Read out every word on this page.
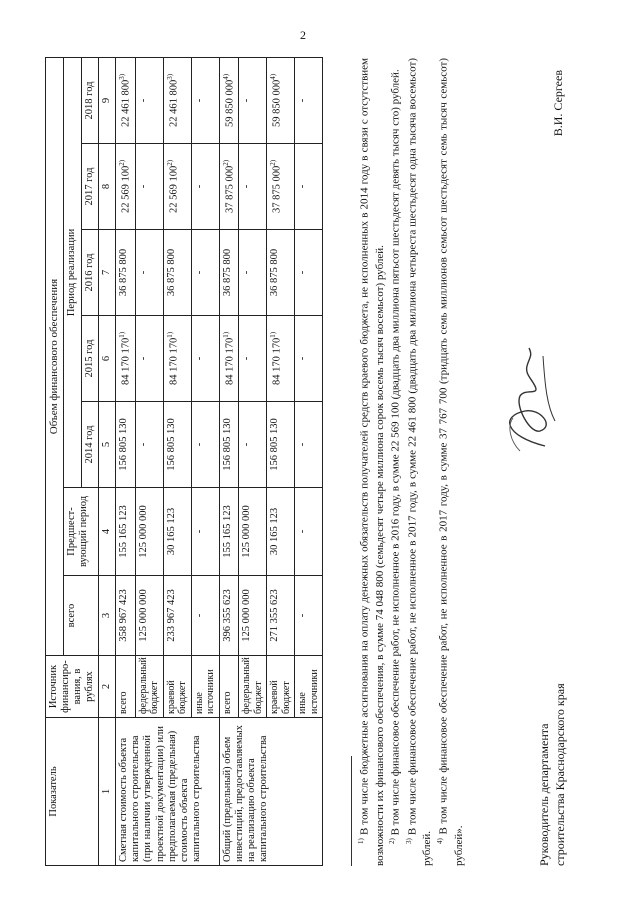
2
Показатель	Источник финансиро-вания, в рублях	Объем финансового обеспечения						
		всего	Предшест-вующий период	Период реализации				
				2014 год	2015 год	2016 год	2017 год	2018 год
1	2	3	4	5	6	7	8	9
Сметная стоимость объекта капитального строительства (при наличии утвержденной проектной документации) или предполагаемая (предельная) стоимость объекта капитального строительства	всего	358 967 423	155 165 123	156 805 130	84 170 170$^{1)}$	36 875 800	22 569 100$^{2)}$	22 461 800$^{3)}$
	федеральный бюджет	125 000 000	125 000 000	-	-	-	-	-
	краевой бюджет	233 967 423	30 165 123	156 805 130	84 170 170$^{1)}$	36 875 800	22 569 100$^{2)}$	22 461 800$^{3)}$
	иные источники	-	-	-	-	-	-	-
Общий (предельный) объем инвестиций, предоставляемых на реализацию объекта капитального строительства	всего	396 355 623	155 165 123	156 805 130	84 170 170$^{1)}$	36 875 800	37 875 000$^{2)}$	59 850 000$^{4)}$
	федеральный бюджет	125 000 000	125 000 000	-	-	-	-	-
	краевой бюджет	271 355 623	30 165 123	156 805 130	84 170 170$^{1)}$	36 875 800	37 875 000$^{2)}$	59 850 000$^{4)}$
	иные источники	-	-	-	-	-	-	-

$^{1)}$ В том числе бюджетные ассигнования на оплату денежных обязательств получателей средств краевого бюджета, не исполненных в 2014 году в связи с отсутствием возможности их финансового обеспечения, в сумме 74 048 800 (семьдесят четыре миллиона сорок восемь тысяч восемьсот) рублей. $^{2)}$ В том числе финансовое обеспечение работ, не исполненное в 2016 году, в сумме 22 569 100 (двадцать два миллиона пятьсот шестьдесят девять тысяч сто) рублей.

$^{3)}$ В том числе финансовое обеспечение работ, не исполненное в 2017 году, в сумме 22 461 800 (двадцать два миллиона четыреста шестьдесят одна тысяча восемьсот) рублей. $^{4)}$ В том числе финансовое обеспечение работ, не исполненное в 2017 году, в сумме 37 767 700 (тридцать семь миллионов семьсот шестьдесят семь тысяч семьсот) рублей».	Руководитель департамента строительства Краснодарского края
В.И. Сергеев
